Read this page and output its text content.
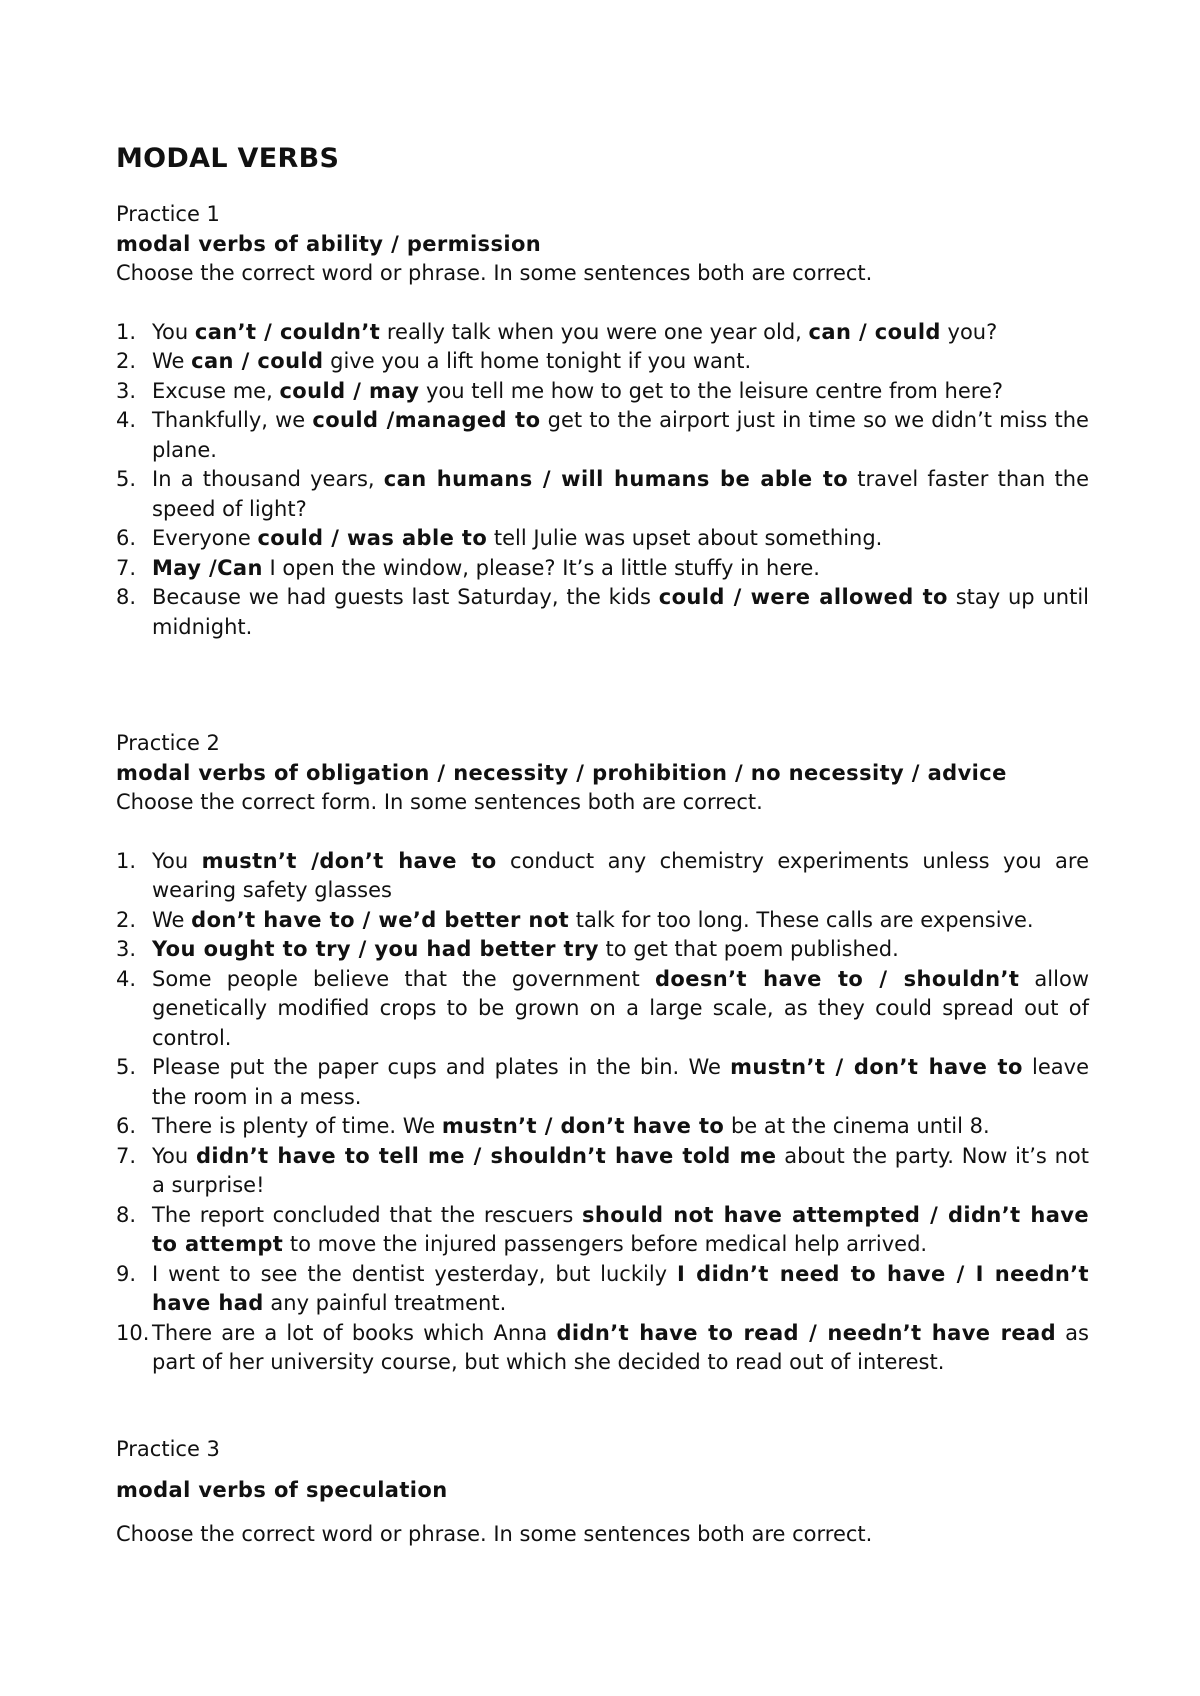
MODAL VERBS

Practice 1

modal verbs of ability / permission

Choose the correct word or phrase. In some sentences both are correct.

1. You can’t / couldn’t really talk when you were one year old, can / could you?
2. We can / could give you a lift home tonight if you want.
3. Excuse me, could / may you tell me how to get to the leisure centre from here?
4. Thankfully, we could /managed to get to the airport just in time so we didn’t miss the plane.
5. In a thousand years, can humans / will humans be able to travel faster than the speed of light?
6. Everyone could / was able to tell Julie was upset about something.
7. May /Can I open the window, please? It’s a little stuffy in here.
8. Because we had guests last Saturday, the kids could / were allowed to stay up until midnight.

Practice 2

modal verbs of obligation / necessity / prohibition / no necessity / advice

Choose the correct form. In some sentences both are correct.

1. You mustn’t /don’t have to conduct any chemistry experiments unless you are wearing safety glasses
2. We don’t have to / we’d better not talk for too long. These calls are expensive.
3. You ought to try / you had better try to get that poem published.
4. Some people believe that the government doesn’t have to / shouldn’t allow genetically modified crops to be grown on a large scale, as they could spread out of control.
5. Please put the paper cups and plates in the bin. We mustn’t / don’t have to leave the room in a mess.
6. There is plenty of time. We mustn’t / don’t have to be at the cinema until 8.
7. You didn’t have to tell me / shouldn’t have told me about the party. Now it’s not a surprise!
8. The report concluded that the rescuers should not have attempted / didn’t have to attempt to move the injured passengers before medical help arrived.
9. I went to see the dentist yesterday, but luckily I didn’t need to have / I needn’t have had any painful treatment.
10. There are a lot of books which Anna didn’t have to read / needn’t have read as part of her university course, but which she decided to read out of interest.

Practice 3

modal verbs of speculation

Choose the correct word or phrase. In some sentences both are correct.
